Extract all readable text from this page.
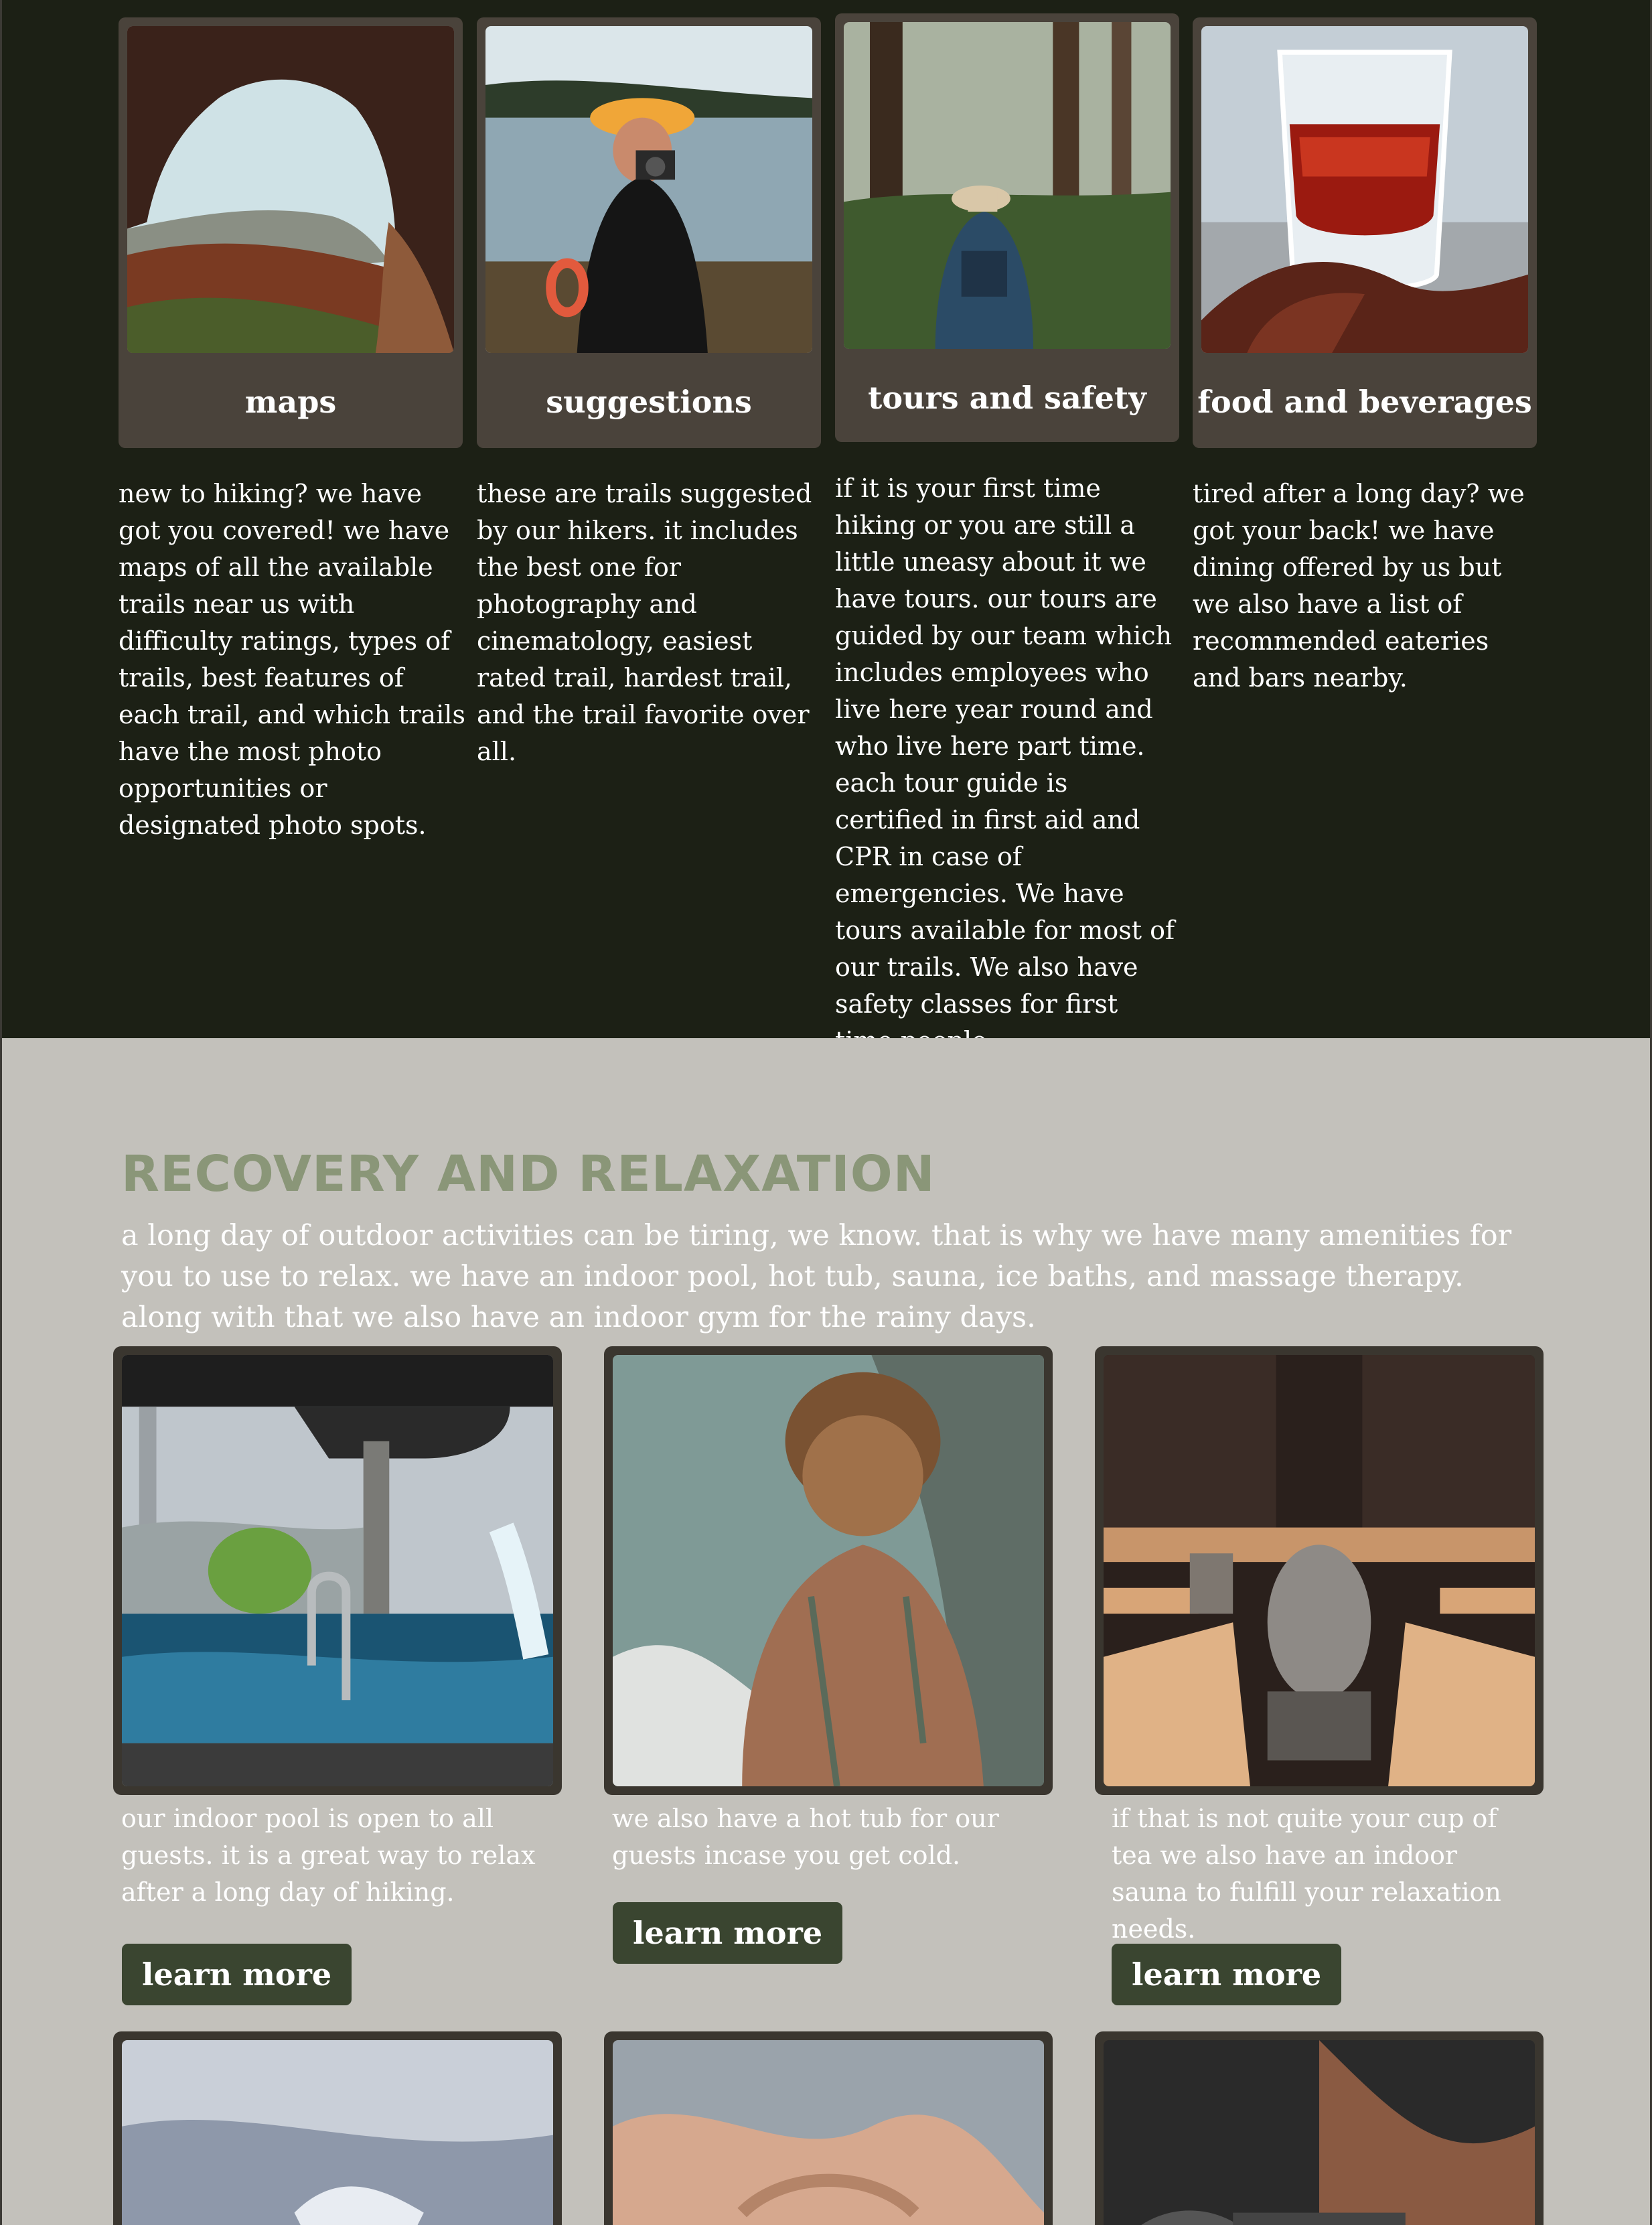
maps	suggestions	tours and safety	food and beverages

new to hiking? we have got you covered! we have maps of all the available trails near us with difficulty ratings, types of trails, best features of each trail, and which trails have the most photo opportunities or designated photo spots.

these are trails suggested by our hikers. it includes the best one for photography and cinematology, easiest rated trail, hardest trail, and the trail favorite over all.

if it is your first time hiking or you are still a little uneasy about it we have tours. our tours are guided by our team which includes employees who live here year round and who live here part time. each tour guide is certified in first aid and CPR in case of emergencies. We have tours available for most of our trails. We also have safety classes for first

tired after a long day? we got your back! we have dining offered by us but we also have a list of recommended eateries and bars nearby.

RECOVERY AND RELAXATION

a long day of outdoor activities can be tiring, we know. that is why we have many amenities for you to use to relax. we have an indoor pool, hot tub, sauna, ice baths, and massage therapy. along with that we also have an indoor gym for the rainy days.

our indoor pool is open to all guests. it is a great way to relax after a long day of hiking.

we also have a hot tub for our guests incase you get cold.

if that is not quite your cup of tea we also have an indoor sauna to fulfill your relaxation needs.

learn more
learn more
learn more
